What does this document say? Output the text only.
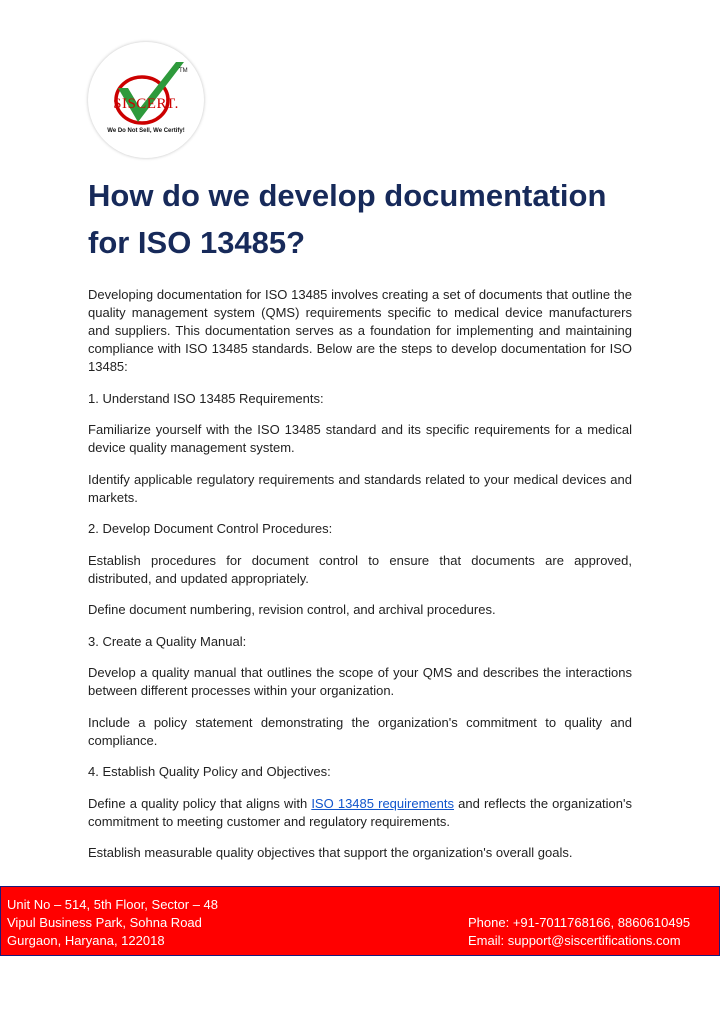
TM
SISCERT.
We Do Not Sell, We Certify!
How do we develop documentation for ISO 13485?

Developing documentation for ISO 13485 involves creating a set of documents that outline the quality management system (QMS) requirements specific to medical device manufacturers and suppliers. This documentation serves as a foundation for implementing and maintaining compliance with ISO 13485 standards. Below are the steps to develop documentation for ISO 13485:

1. Understand ISO 13485 Requirements:

Familiarize yourself with the ISO 13485 standard and its specific requirements for a medical device quality management system.

Identify applicable regulatory requirements and standards related to your medical devices and markets.

2. Develop Document Control Procedures:

Establish procedures for document control to ensure that documents are approved, distributed, and updated appropriately.

Define document numbering, revision control, and archival procedures.

3. Create a Quality Manual:

Develop a quality manual that outlines the scope of your QMS and describes the interactions between different processes within your organization.

Include a policy statement demonstrating the organization's commitment to quality and compliance.

4. Establish Quality Policy and Objectives:

Define a quality policy that aligns with ISO 13485 requirements and reflects the organization's commitment to meeting customer and regulatory requirements.

Establish measurable quality objectives that support the organization's overall goals.

Unit No – 514, 5th Floor, Sector – 48
Vipul Business Park, Sohna Road
Gurgaon, Haryana, 122018
Phone: +91-7011768166, 8860610495
Email: support@siscertifications.com
